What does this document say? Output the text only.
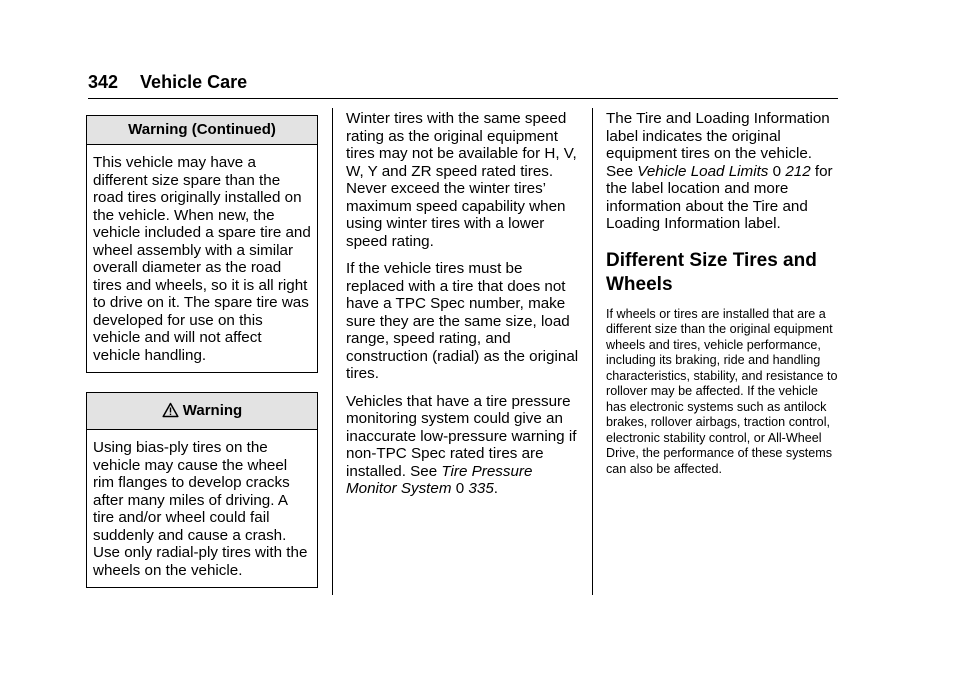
342 Vehicle Care
Warning (Continued)

This vehicle may have a different size spare than the road tires originally installed on the vehicle. When new, the vehicle included a spare tire and wheel assembly with a similar overall diameter as the road tires and wheels, so it is all right to drive on it. The spare tire was developed for use on this vehicle and will not affect vehicle handling.

Warning

Using bias-ply tires on the vehicle may cause the wheel rim flanges to develop cracks after many miles of driving. A tire and/or wheel could fail suddenly and cause a crash. Use only radial-ply tires with the wheels on the vehicle.

Winter tires with the same speed rating as the original equipment tires may not be available for H, V, W, Y and ZR speed rated tires. Never exceed the winter tires’ maximum speed capability when using winter tires with a lower speed rating.

If the vehicle tires must be replaced with a tire that does not have a TPC Spec number, make sure they are the same size, load range, speed rating, and construction (radial) as the original tires.

Vehicles that have a tire pressure monitoring system could give an inaccurate low-pressure warning if non-TPC Spec rated tires are installed. See Tire Pressure Monitor System 0 335.

The Tire and Loading Information label indicates the original equipment tires on the vehicle. See Vehicle Load Limits 0 212 for the label location and more information about the Tire and Loading Information label.

Different Size Tires and Wheels

If wheels or tires are installed that are a different size than the original equipment wheels and tires, vehicle performance, including its braking, ride and handling characteristics, stability, and resistance to rollover may be affected. If the vehicle has electronic systems such as antilock brakes, rollover airbags, traction control, electronic stability control, or All-Wheel Drive, the performance of these systems can also be affected.
